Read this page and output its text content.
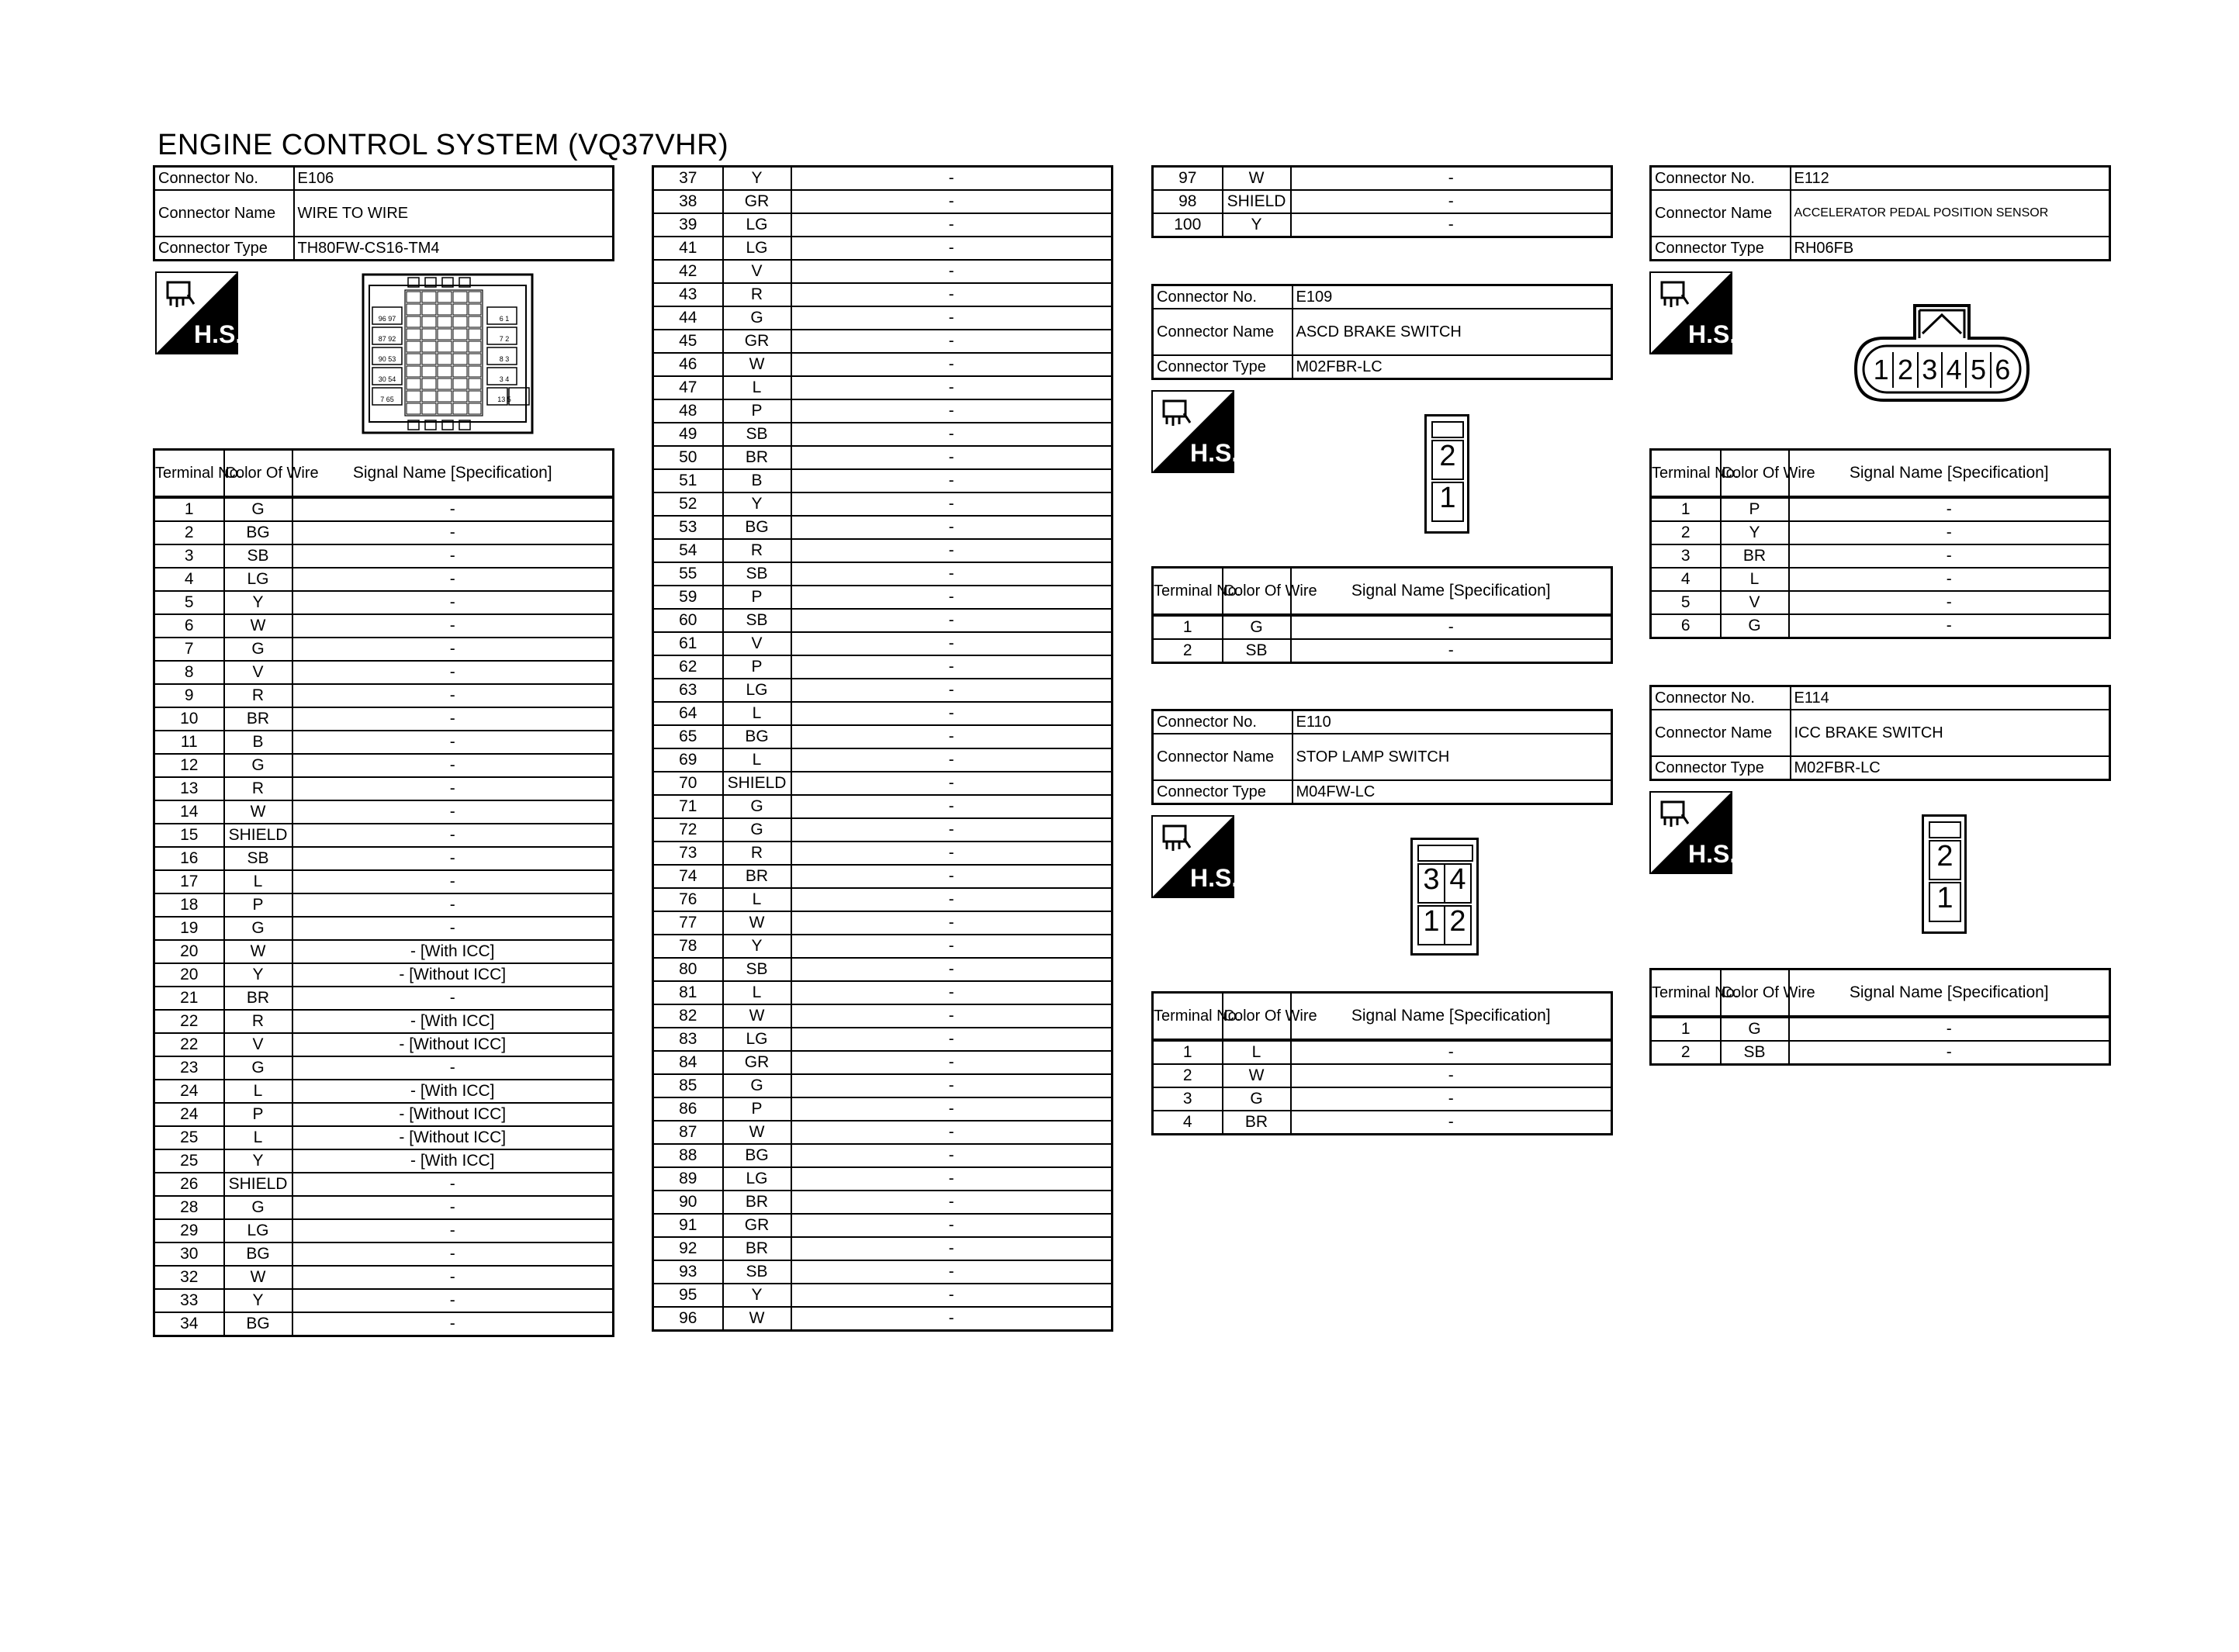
ENGINE CONTROL SYSTEM (VQ37VHR)
Connector No.	E106
Connector Name	WIRE TO WIRE
Connector Type	TH80FW-CS16-TM4
H.S.
96 97
87 92
90 53
30 54
7 65
6 1
7 2
8 3
3 4
13 5
Terminal No.	Color Of Wire	Signal Name [Specification]
1	G	-
2	BG	-
3	SB	-
4	LG	-
5	Y	-
6	W	-
7	G	-
8	V	-
9	R	-
10	BR	-
11	B	-
12	G	-
13	R	-
14	W	-
15	SHIELD	-
16	SB	-
17	L	-
18	P	-
19	G	-
20	W	- [With ICC]
20	Y	- [Without ICC]
21	BR	-
22	R	- [With ICC]
22	V	- [Without ICC]
23	G	-
24	L	- [With ICC]
24	P	- [Without ICC]
25	L	- [Without ICC]
25	Y	- [With ICC]
26	SHIELD	-
28	G	-
29	LG	-
30	BG	-
32	W	-
33	Y	-
34	BG	-
37	Y	-
38	GR	-
39	LG	-
41	LG	-
42	V	-
43	R	-
44	G	-
45	GR	-
46	W	-
47	L	-
48	P	-
49	SB	-
50	BR	-
51	B	-
52	Y	-
53	BG	-
54	R	-
55	SB	-
59	P	-
60	SB	-
61	V	-
62	P	-
63	LG	-
64	L	-
65	BG	-
69	L	-
70	SHIELD	-
71	G	-
72	G	-
73	R	-
74	BR	-
76	L	-
77	W	-
78	Y	-
80	SB	-
81	L	-
82	W	-
83	LG	-
84	GR	-
85	G	-
86	P	-
87	W	-
88	BG	-
89	LG	-
90	BR	-
91	GR	-
92	BR	-
93	SB	-
95	Y	-
96	W	-
97	W	-
98	SHIELD	-
100	Y	-
Connector No.	E109
Connector Name	ASCD BRAKE SWITCH
Connector Type	M02FBR-LC
H.S.	2
1
Terminal No.	Color Of Wire	Signal Name [Specification]
1	G	-
2	SB	-
Connector No.	E110
Connector Name	STOP LAMP SWITCH
Connector Type	M04FW-LC
H.S.	3 4
1 2
Terminal No.	Color Of Wire	Signal Name [Specification]
1	L	-
2	W	-
3	G	-
4	BR	-
Connector No.	E112
Connector Name	ACCELERATOR PEDAL POSITION SENSOR
Connector Type	RH06FB
H.S.
1 2 3 4 5 6
Terminal No.	Color Of Wire	Signal Name [Specification]
1	P	-
2	Y	-
3	BR	-
4	L	-
5	V	-
6	G	-
Connector No.	E114
Connector Name	ICC BRAKE SWITCH
Connector Type	M02FBR-LC
H.S.	2
1
Terminal No.	Color Of Wire	Signal Name [Specification]
1	G	-
2	SB	-
